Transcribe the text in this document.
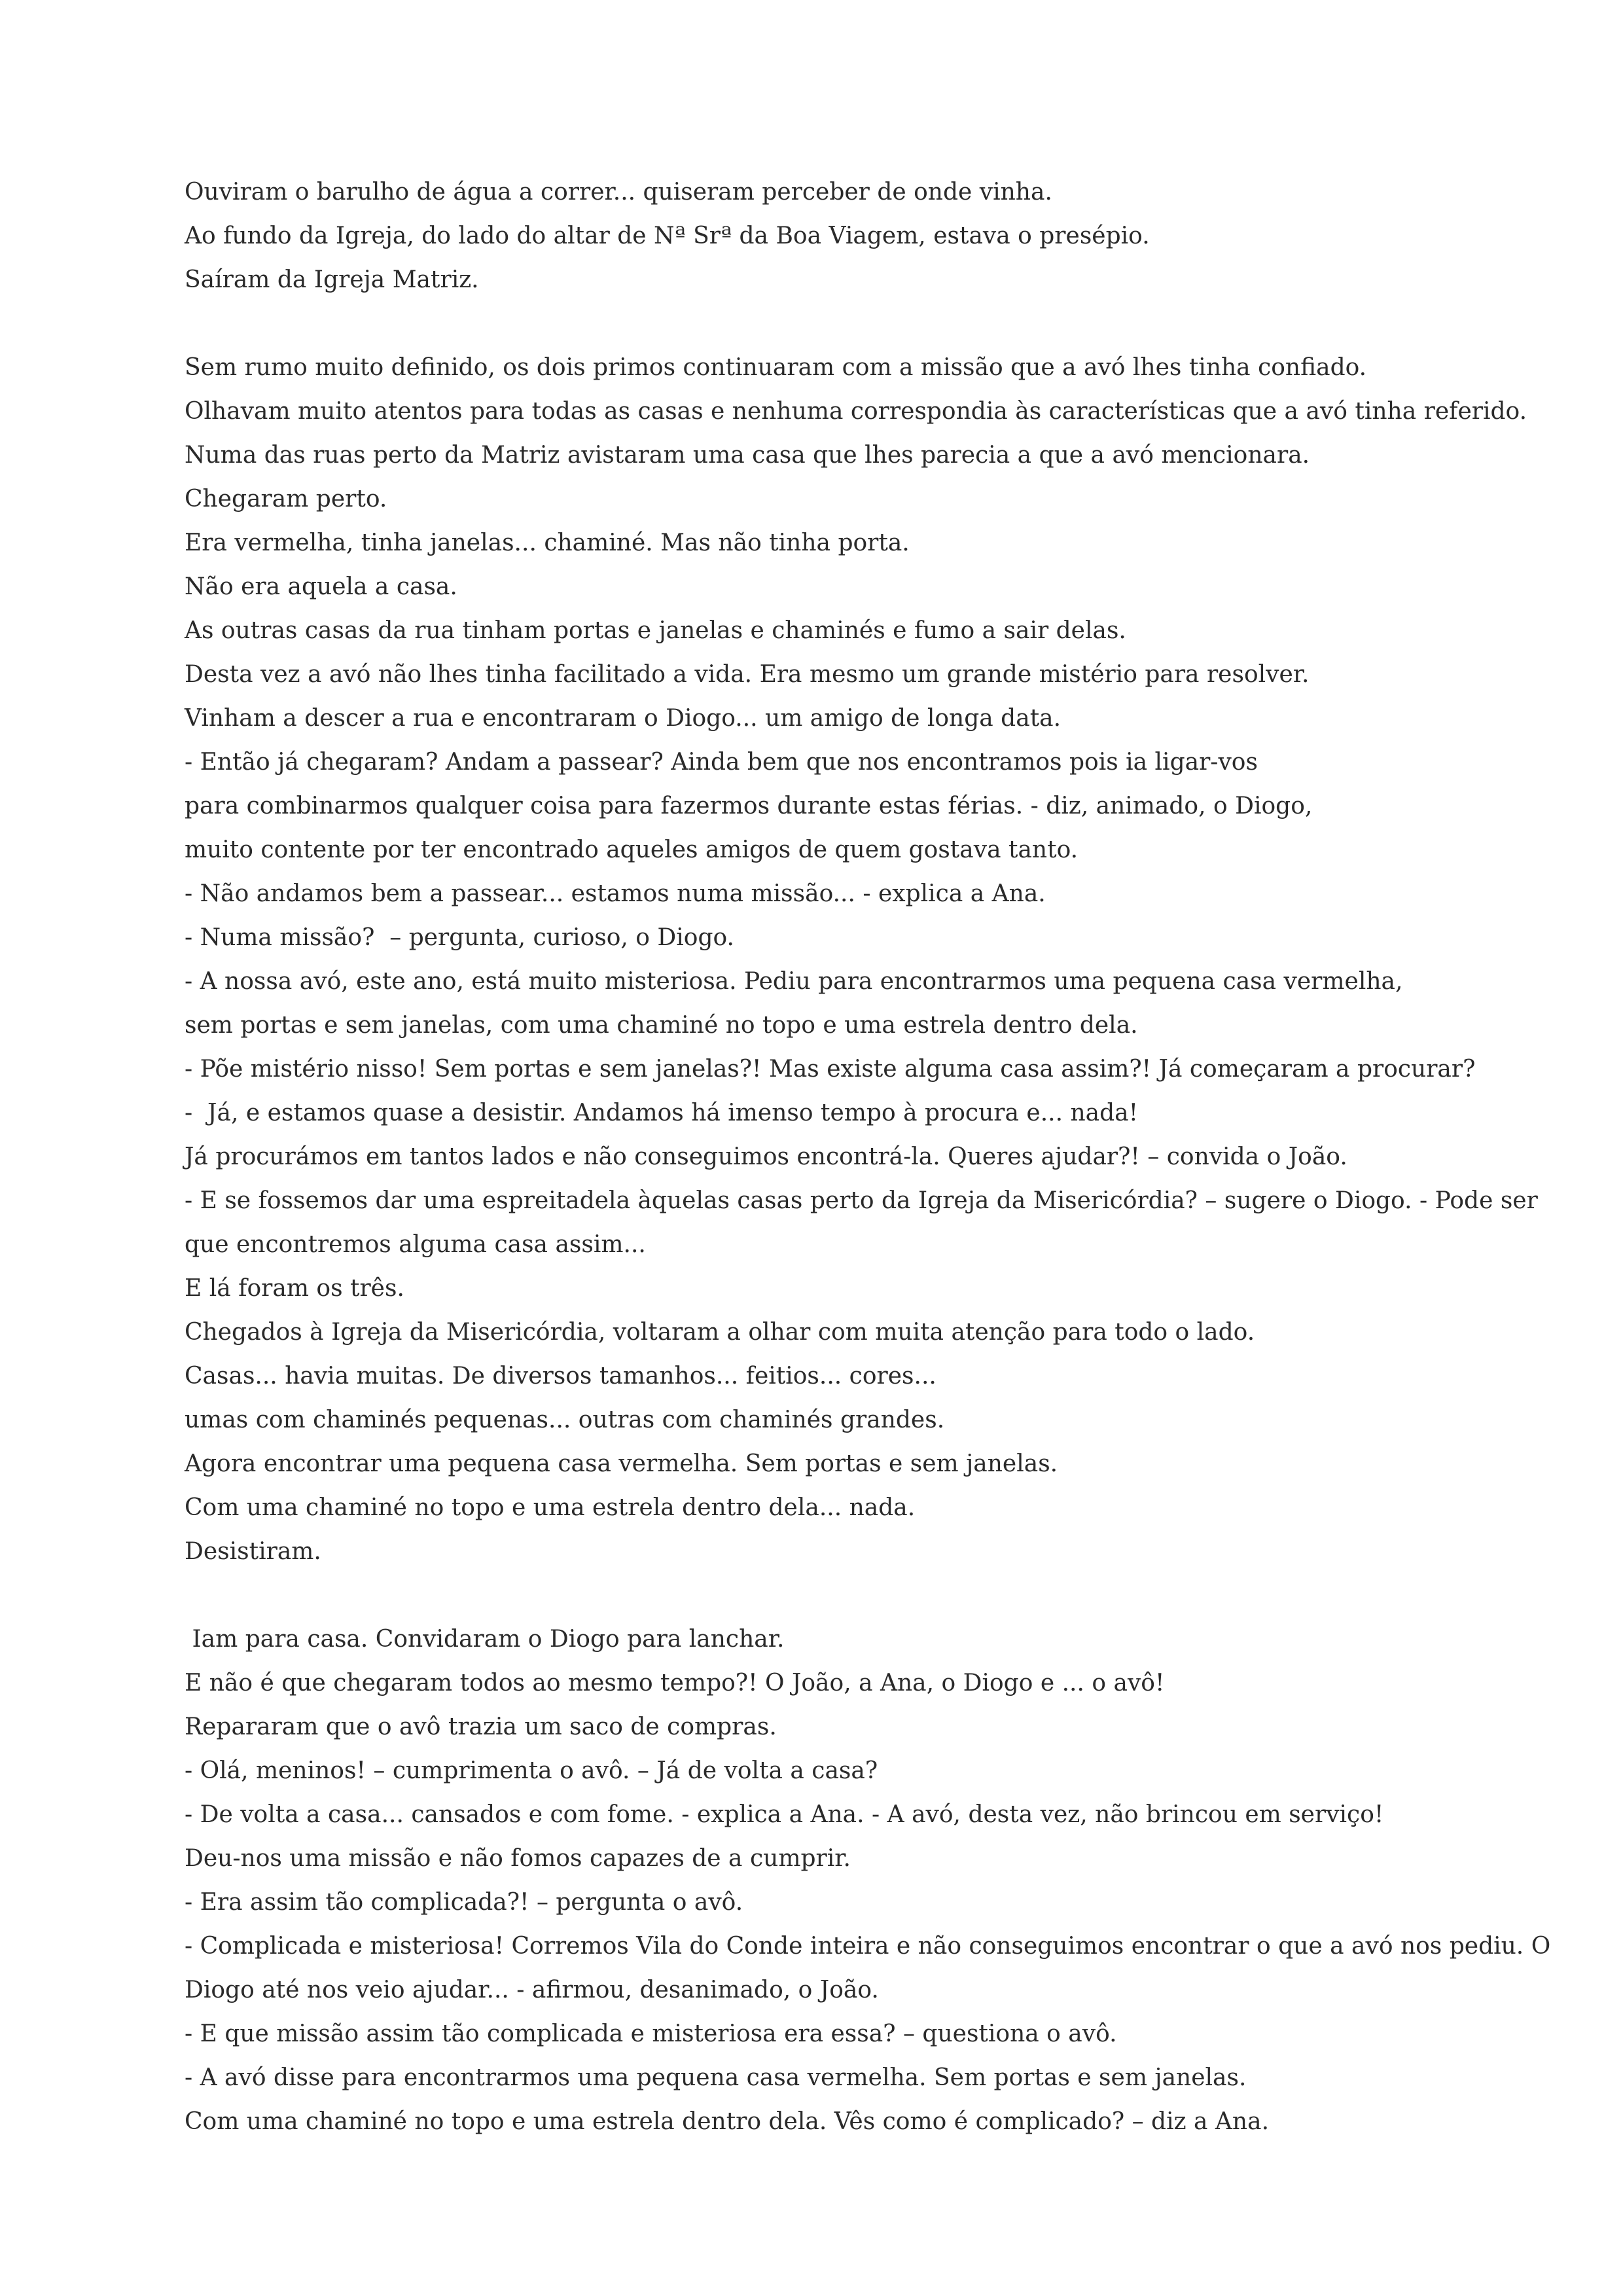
Ouviram o barulho de água a correr... quiseram perceber de onde vinha.

Ao fundo da Igreja, do lado do altar de Nª Srª da Boa Viagem, estava o presépio.

Saíram da Igreja Matriz.

Sem rumo muito definido, os dois primos continuaram com a missão que a avó lhes tinha confiado.

Olhavam muito atentos para todas as casas e nenhuma correspondia às características que a avó tinha referido.

Numa das ruas perto da Matriz avistaram uma casa que lhes parecia a que a avó mencionara.

Chegaram perto.

Era vermelha, tinha janelas... chaminé. Mas não tinha porta.

Não era aquela a casa.

As outras casas da rua tinham portas e janelas e chaminés e fumo a sair delas.

Desta vez a avó não lhes tinha facilitado a vida. Era mesmo um grande mistério para resolver.

Vinham a descer a rua e encontraram o Diogo... um amigo de longa data.

- Então já chegaram? Andam a passear? Ainda bem que nos encontramos pois ia ligar-vos

para combinarmos qualquer coisa para fazermos durante estas férias. - diz, animado, o Diogo,

muito contente por ter encontrado aqueles amigos de quem gostava tanto.

- Não andamos bem a passear... estamos numa missão... - explica a Ana.

- Numa missão?  – pergunta, curioso, o Diogo.

- A nossa avó, este ano, está muito misteriosa. Pediu para encontrarmos uma pequena casa vermelha,

sem portas e sem janelas, com uma chaminé no topo e uma estrela dentro dela.

- Põe mistério nisso! Sem portas e sem janelas?! Mas existe alguma casa assim?! Já começaram a procurar?

-  Já, e estamos quase a desistir. Andamos há imenso tempo à procura e... nada!

Já procurámos em tantos lados e não conseguimos encontrá-la. Queres ajudar?! – convida o João.

- E se fossemos dar uma espreitadela àquelas casas perto da Igreja da Misericórdia? – sugere o Diogo. - Pode ser

que encontremos alguma casa assim...

E lá foram os três.

Chegados à Igreja da Misericórdia, voltaram a olhar com muita atenção para todo o lado.

Casas... havia muitas. De diversos tamanhos... feitios... cores...

umas com chaminés pequenas... outras com chaminés grandes.

Agora encontrar uma pequena casa vermelha. Sem portas e sem janelas.

Com uma chaminé no topo e uma estrela dentro dela... nada.

Desistiram.

Iam para casa. Convidaram o Diogo para lanchar.

E não é que chegaram todos ao mesmo tempo?! O João, a Ana, o Diogo e ... o avô!

Repararam que o avô trazia um saco de compras.

- Olá, meninos! – cumprimenta o avô. – Já de volta a casa?

- De volta a casa... cansados e com fome. - explica a Ana. - A avó, desta vez, não brincou em serviço!

Deu-nos uma missão e não fomos capazes de a cumprir.

- Era assim tão complicada?! – pergunta o avô.

- Complicada e misteriosa! Corremos Vila do Conde inteira e não conseguimos encontrar o que a avó nos pediu. O

Diogo até nos veio ajudar... - afirmou, desanimado, o João.

- E que missão assim tão complicada e misteriosa era essa? – questiona o avô.

- A avó disse para encontrarmos uma pequena casa vermelha. Sem portas e sem janelas.

Com uma chaminé no topo e uma estrela dentro dela. Vês como é complicado? – diz a Ana.
